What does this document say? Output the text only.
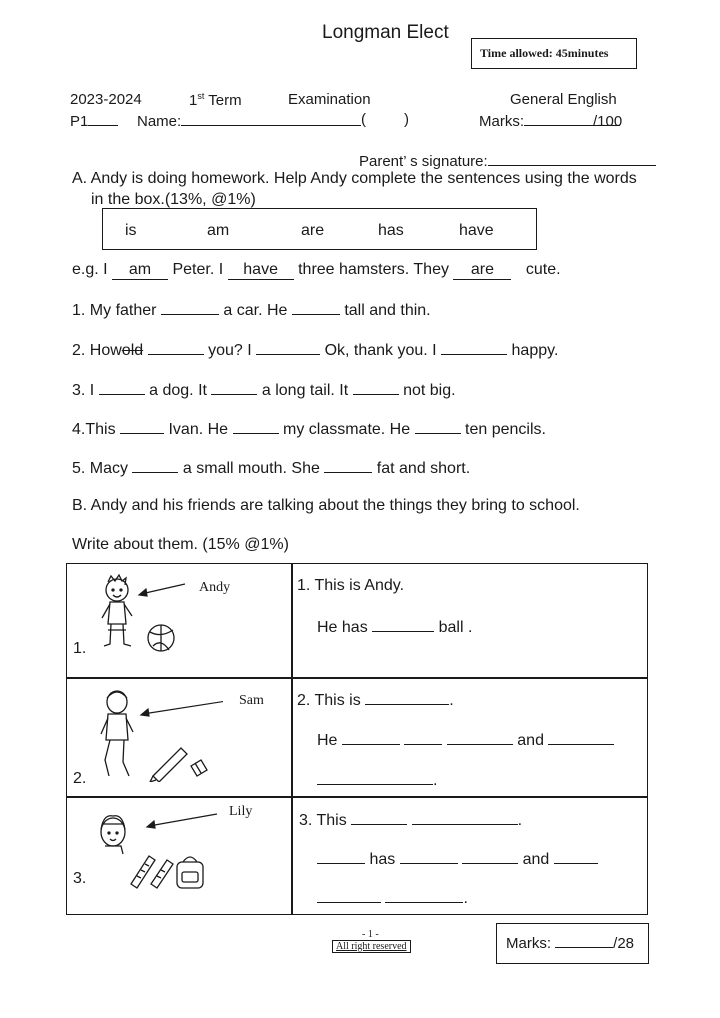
Longman Elect
Time allowed: 45minutes
2023-2024	1st Term	Examination	General English
P1	Name:	(	)	Marks:	/100
Parent’ s signature:
A. Andy is doing homework. Help Andy complete the sentences using the words
in the box.(13%, @1%)
is	am	are	has	have
e.g. I am Peter. I have three hamsters. They are cute.
1. My father	a car. He	tall and thin.
2. Howold	you? I	Ok, thank you. I	happy.
3. I	a dog. It	a long tail. It	not big.
4.This	Ivan. He	my classmate. He	ten pencils.
5. Macy	a small mouth. She	fat and short.
B. Andy and his friends are talking about the things they bring to school.
Write about them. (15% @1%)
Andy
1.
1. This is Andy.
He has	ball .
Sam
2.
2. This is	.
He	and
.
Lily
3.
3. This	.
has	and
.
- 1 -
All right reserved	Marks:	/28
